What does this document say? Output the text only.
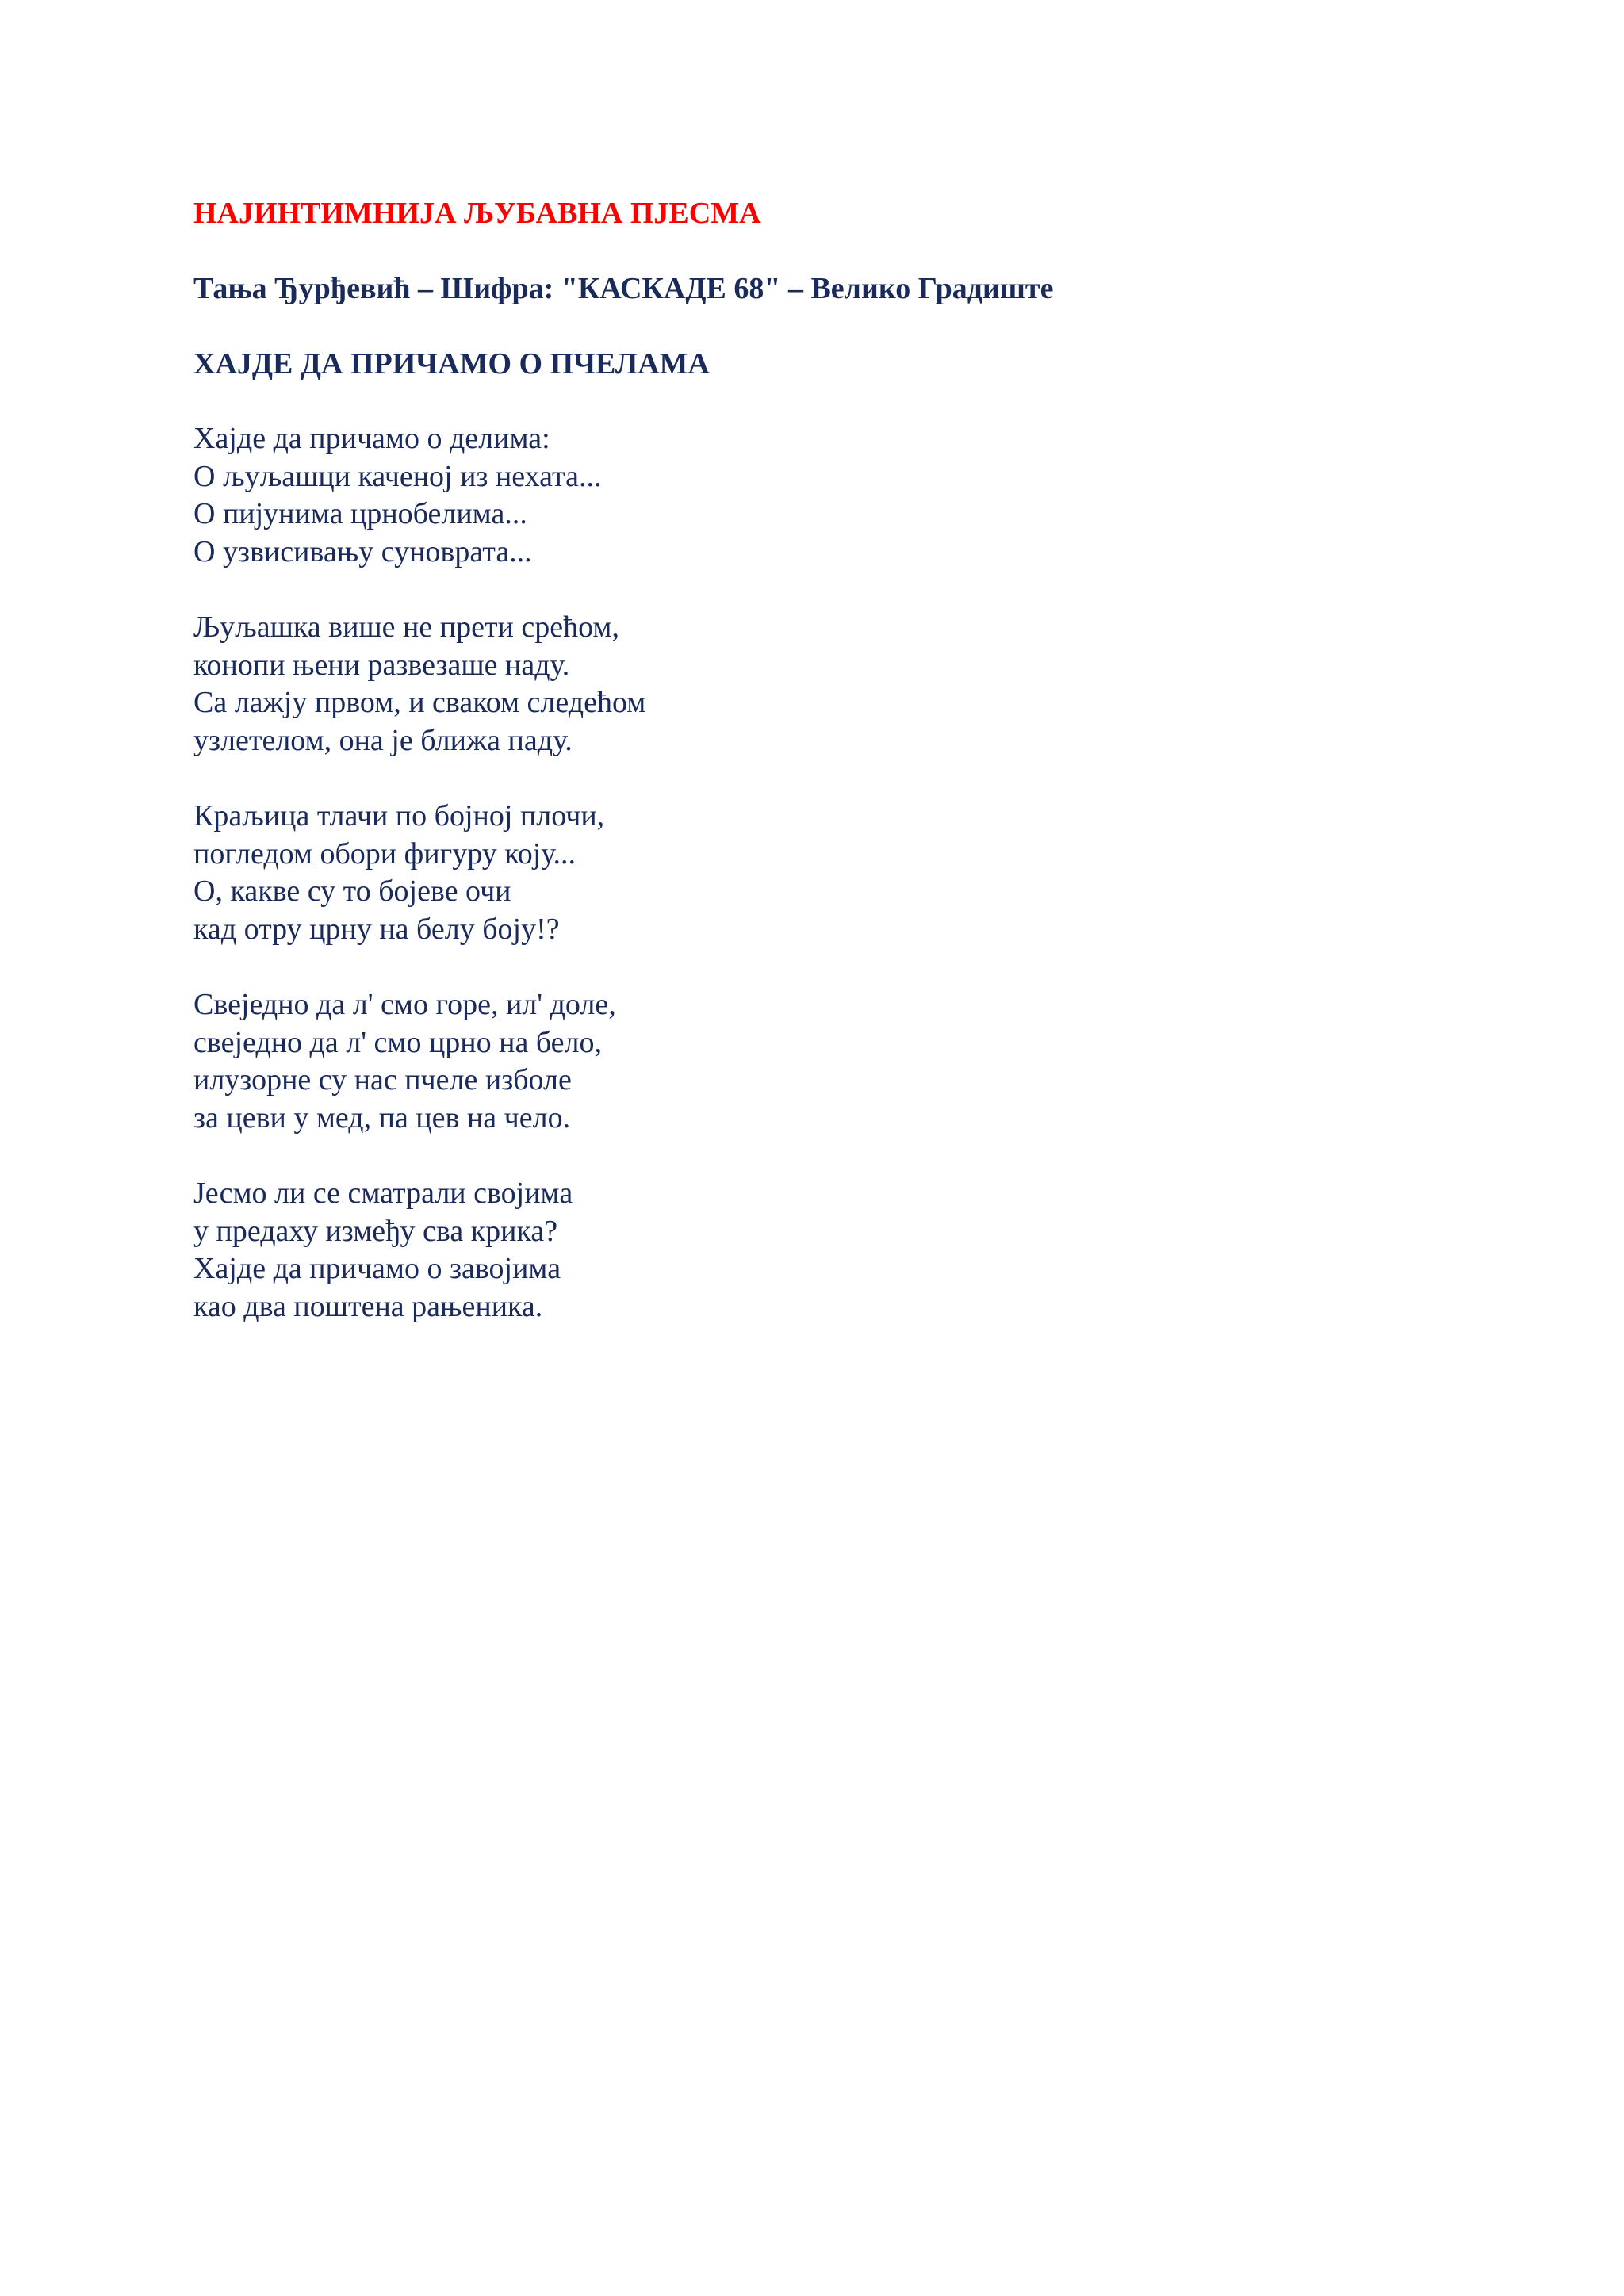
НАЈИНТИМНИЈА ЉУБАВНА ПЈЕСМА
Тања Ђурђевић – Шифра: "КАСКАДЕ 68" – Велико Градиште
ХАЈДЕ ДА ПРИЧАМО О ПЧЕЛАМА
Хајде да причамо о делима:
О љуљашци каченој из нехата...
О пијунима црнобелима...
О узвисивању суноврата...
Љуљашка више не прети срећом,
конопи њени развезаше наду.
Са лажју првом, и сваком следећом
узлетелом, она је ближа паду.
Краљица тлачи по бојној плочи,
погледом обори фигуру коју...
О, какве су то бојеве очи
кад отру црну на белу боју!?
Свеједно да л' смо горе, ил' доле,
свеједно да л' смо црно на бело,
илузорне су нас пчеле изболе
за цеви у мед, па цев на чело.
Јесмо ли се сматрали својима
у предаху између сва крика?
Хајде да причамо о завојима
као два поштена рањеника.
